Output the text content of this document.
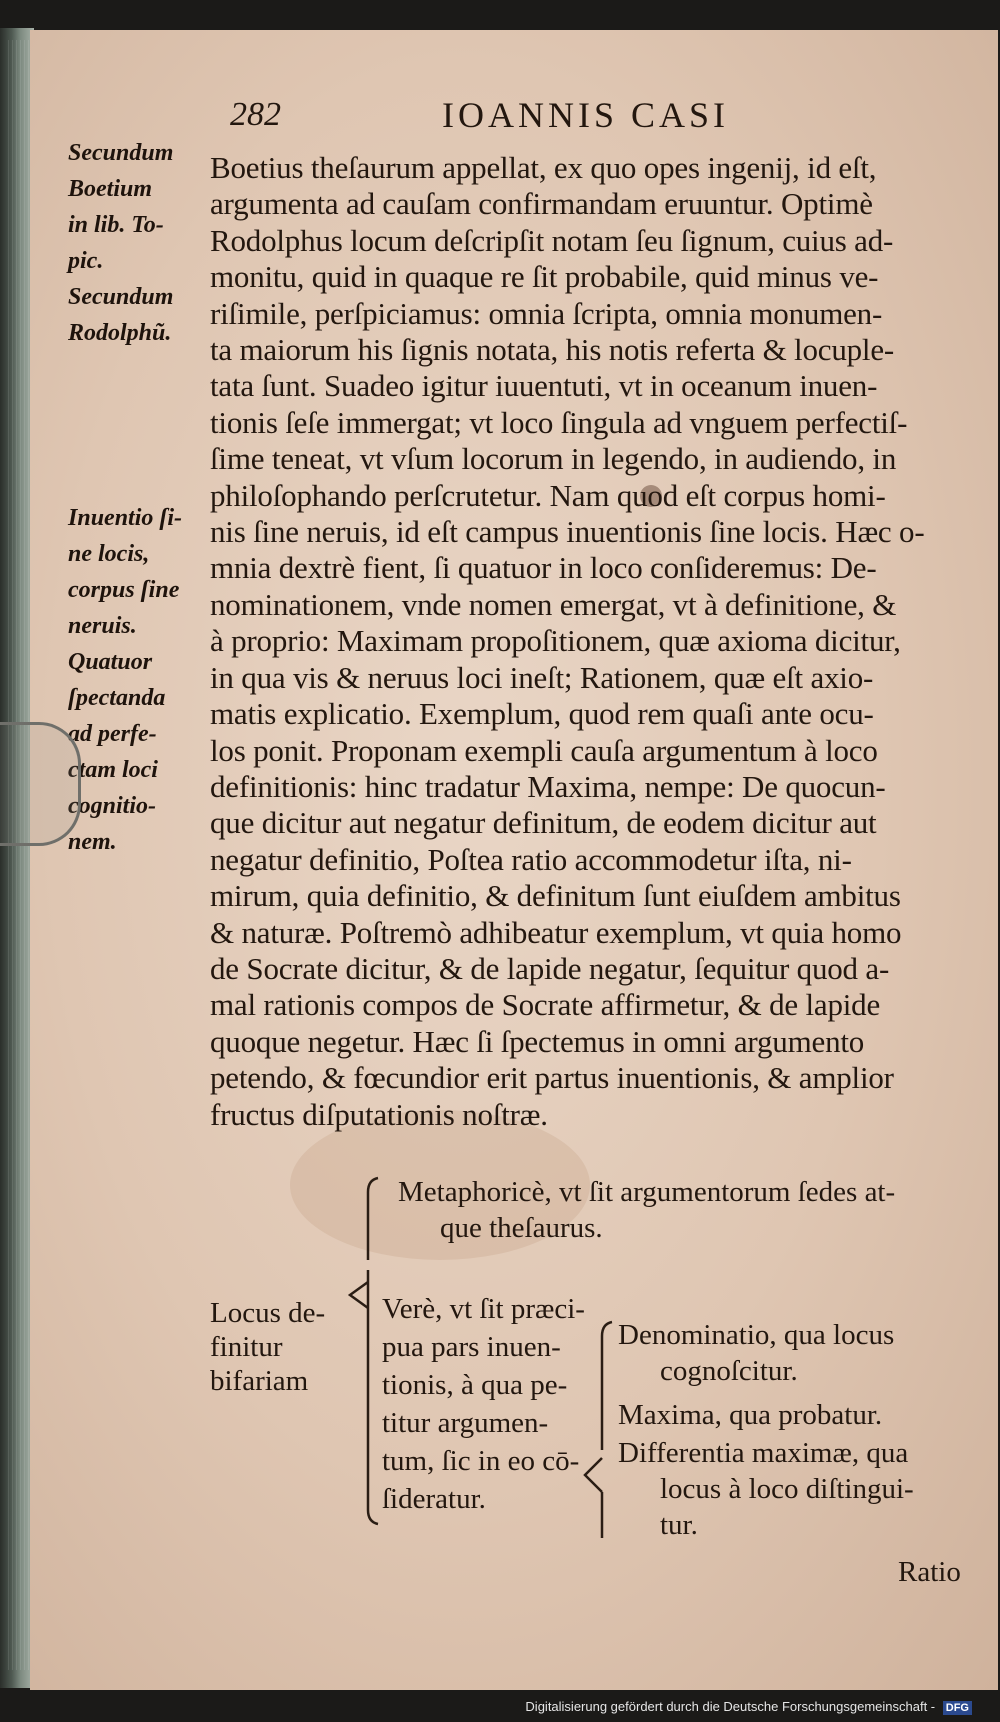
282	IOANNIS CASI
Secundum
Boetium
in lib. To-
pic.
Secundum
Rodolphũ.
Inuentio ſi-
ne locis,
corpus ſine
neruis.
Quatuor
ſpectanda
ad perfe-
ctam loci
cognitio-
nem.
Boetius theſaurum appellat, ex quo opes ingenij, id eſt,
argumenta ad cauſam confirmandam eruuntur. Optimè
Rodolphus locum deſcripſit notam ſeu ſignum, cuius ad-
monitu, quid in quaque re ſit probabile, quid minus ve-
riſimile, perſpiciamus: omnia ſcripta, omnia monumen-
ta maiorum his ſignis notata, his notis referta & locuple-
tata ſunt. Suadeo igitur iuuentuti, vt in oceanum inuen-
tionis ſeſe immergat; vt loco ſingula ad vnguem perfectiſ-
ſime teneat, vt vſum locorum in legendo, in audiendo, in
philoſophando perſcrutetur. Nam quod eſt corpus homi-
nis ſine neruis, id eſt campus inuentionis ſine locis. Hæc o-
mnia dextrè fient, ſi quatuor in loco conſideremus: De-
nominationem, vnde nomen emergat, vt à definitione, &
à proprio: Maximam propoſitionem, quæ axioma dicitur,
in qua vis & neruus loci ineſt; Rationem, quæ eſt axio-
matis explicatio. Exemplum, quod rem quaſi ante ocu-
los ponit. Proponam exempli cauſa argumentum à loco
definitionis: hinc tradatur Maxima, nempe: De quocun-
que dicitur aut negatur definitum, de eodem dicitur aut
negatur definitio, Poſtea ratio accommodetur iſta, ni-
mirum, quia definitio, & definitum ſunt eiuſdem ambitus
& naturæ. Poſtremò adhibeatur exemplum, vt quia homo
de Socrate dicitur, & de lapide negatur, ſequitur quod a-
mal rationis compos de Socrate affirmetur, & de lapide
quoque negetur. Hæc ſi ſpectemus in omni argumento
petendo, & fœcundior erit partus inuentionis, & amplior
fructus diſputationis noſtræ.
Metaphoricè, vt ſit argumentorum ſedes at-
que theſaurus.
Locus de-
finitur
bifariam
Verè, vt ſit præci-
pua pars inuen-
tionis, à qua pe-
titur argumen-
tum, ſic in eo cō-
ſideratur.
Denominatio, qua locus
cognoſcitur.
Maxima, qua probatur.
Differentia maximæ, qua
locus à loco diſtingui-
tur.
Ratio
Digitalisierung gefördert durch die Deutsche Forschungsgemeinschaft - DFG
